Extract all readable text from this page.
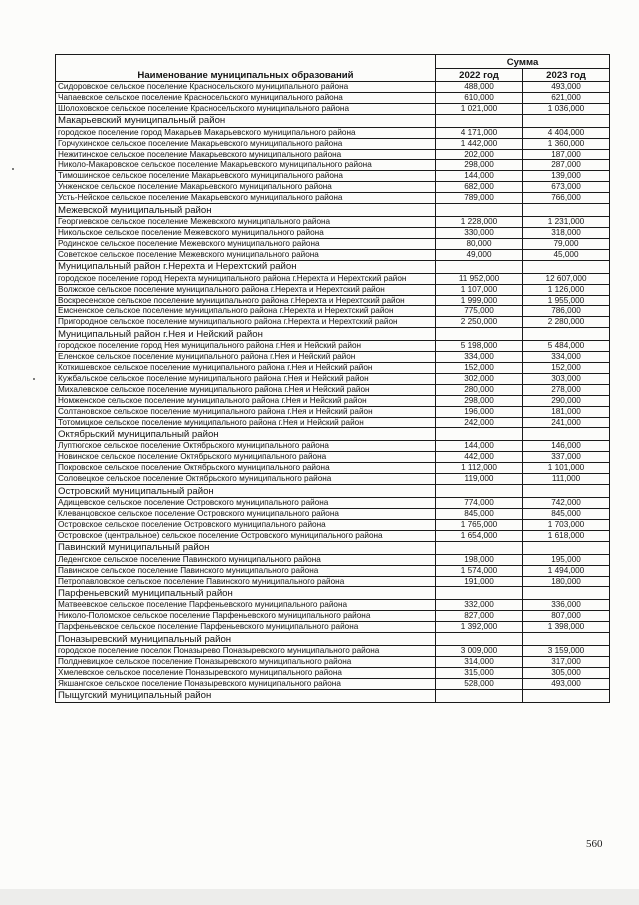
Наименование муниципальных образований	Сумма	
	2022 год	2023 год
Сидоровское сельское поселение Красносельского муниципального района	488,000	493,000
Чапаевское сельское поселение Красносельского муниципального района	610,000	621,000
Шолоховское сельское поселение Красносельского муниципального района	1 021,000	1 036,000
Макарьевский муниципальный район		
городское поселение город Макарьев Макарьевского муниципального района	4 171,000	4 404,000
Горчухинское сельское поселение Макарьевского муниципального района	1 442,000	1 360,000
Нежитинское сельское поселение Макарьевского муниципального района	202,000	187,000
Николо-Макаровское сельское поселение Макарьевского муниципального района	298,000	287,000
Тимошинское сельское поселение Макарьевского муниципального района	144,000	139,000
Унженское сельское поселение Макарьевского муниципального района	682,000	673,000
Усть-Нейское сельское поселение Макарьевского муниципального района	789,000	766,000
Межевской муниципальный район		
Георгиевское сельское поселение Межевского муниципального района	1 228,000	1 231,000
Никольское сельское поселение Межевского муниципального района	330,000	318,000
Родинское сельское поселение Межевского муниципального района	80,000	79,000
Советское сельское поселение Межевского муниципального района	49,000	45,000
Муниципальный район г.Нерехта и Нерехтский район		
городское поселение город Нерехта муниципального района г.Нерехта и Нерехтский район	11 952,000	12 607,000
Волжское сельское поселение муниципального района г.Нерехта и Нерехтский район	1 107,000	1 126,000
Воскресенское сельское поселение муниципального района г.Нерехта и Нерехтский район	1 999,000	1 955,000
Емсненское сельское поселение муниципального района г.Нерехта и Нерехтский район	775,000	786,000
Пригородное сельское поселение муниципального района г.Нерехта и Нерехтский район	2 250,000	2 280,000
Муниципальный район г.Нея и Нейский район		
городское поселение город Нея муниципального района г.Нея и Нейский район	5 198,000	5 484,000
Еленское сельское поселение муниципального района г.Нея и Нейский район	334,000	334,000
Коткишевское сельское поселение муниципального района г.Нея и Нейский район	152,000	152,000
Кужбальское сельское поселение муниципального района г.Нея и Нейский район	302,000	303,000
Михалевское сельское поселение муниципального района г.Нея и Нейский район	280,000	278,000
Номженское сельское поселение муниципального района г.Нея и Нейский район	298,000	290,000
Солтановское сельское поселение муниципального района г.Нея и Нейский район	196,000	181,000
Тотомицкое сельское поселение муниципального района г.Нея и Нейский район	242,000	241,000
Октябрьский муниципальный район		
Луптюгское сельское поселение Октябрьского муниципального района	144,000	146,000
Новинское сельское поселение Октябрьского муниципального района	442,000	337,000
Покровское сельское поселение Октябрьского муниципального района	1 112,000	1 101,000
Соловецкое сельское поселение Октябрьского муниципального района	119,000	111,000
Островский муниципальный район		
Адищевское сельское поселение Островского муниципального района	774,000	742,000
Клеванцовское сельское поселение Островского муниципального района	845,000	845,000
Островское сельское поселение Островского муниципального района	1 765,000	1 703,000
Островское (центральное) сельское поселение Островского муниципального района	1 654,000	1 618,000
Павинский муниципальный район		
Леденгское сельское поселение Павинского муниципального района	198,000	195,000
Павинское сельское поселение Павинского муниципального района	1 574,000	1 494,000
Петропавловское сельское поселение Павинского муниципального района	191,000	180,000
Парфеньевский муниципальный район		
Матвеевское сельское поселение Парфеньевского муниципального района	332,000	336,000
Николо-Поломское сельское поселение Парфеньевского муниципального района	827,000	807,000
Парфеньевское сельское поселение Парфеньевского муниципального района	1 392,000	1 398,000
Поназыревский муниципальный район		
городское поселение поселок Поназырево Поназыревского муниципального района	3 009,000	3 159,000
Полдневицкое сельское поселение Поназыревского муниципального района	314,000	317,000
Хмелевское сельское поселение Поназыревского муниципального района	315,000	305,000
Якшангское сельское поселение Поназыревского муниципального района	528,000	493,000
Пыщугский муниципальный район		
560
